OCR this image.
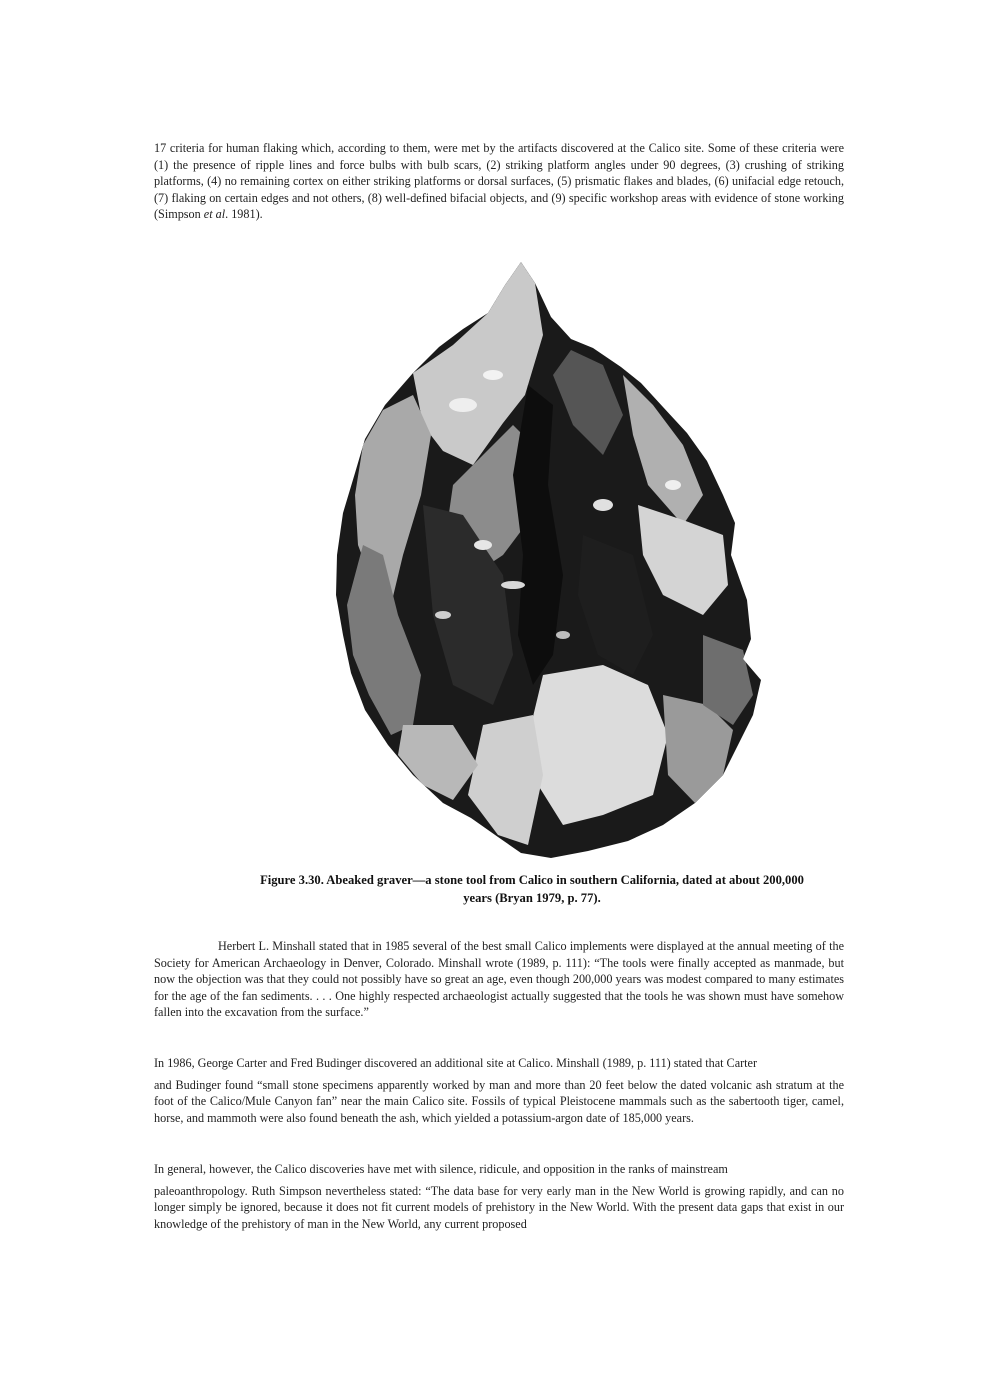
17 criteria for human flaking which, according to them, were met by the artifacts discovered at the Calico site. Some of these criteria were (1) the presence of ripple lines and force bulbs with bulb scars, (2) striking platform angles under 90 degrees, (3) crushing of striking platforms, (4) no remaining cortex on either striking platforms or dorsal surfaces, (5) prismatic flakes and blades, (6) unifacial edge retouch, (7) flaking on certain edges and not others, (8) well-defined bifacial objects, and (9) specific workshop areas with evidence of stone working (Simpson et al. 1981).

Figure 3.30. Abeaked graver—a stone tool from Calico in southern California, dated at about 200,000
years (Bryan 1979, p. 77).

Herbert L. Minshall stated that in 1985 several of the best small Calico implements were displayed at the annual meeting of the Society for American Archaeology in Denver, Colorado. Minshall wrote (1989, p. 111): “The tools were finally accepted as manmade, but now the objection was that they could not possibly have so great an age, even though 200,000 years was modest compared to many estimates for the age of the fan sediments. . . . One highly respected archaeologist actually suggested that the tools he was shown must have somehow fallen into the excavation from the surface.”

In 1986, George Carter and Fred Budinger discovered an additional site at Calico. Minshall (1989, p. 111) stated that Carter
and Budinger found “small stone specimens apparently worked by man and more than 20 feet below the dated volcanic ash stratum at the foot of the Calico/Mule Canyon fan” near the main Calico site. Fossils of typical Pleistocene mammals such as the sabertooth tiger, camel, horse, and mammoth were also found beneath the ash, which yielded a potassium-argon date of 185,000 years.

In general, however, the Calico discoveries have met with silence, ridicule, and opposition in the ranks of mainstream
paleoanthropology. Ruth Simpson nevertheless stated: “The data base for very early man in the New World is growing rapidly, and can no longer simply be ignored, because it does not fit current models of prehistory in the New World. With the present data gaps that exist in our knowledge of the prehistory of man in the New World, any current proposed
